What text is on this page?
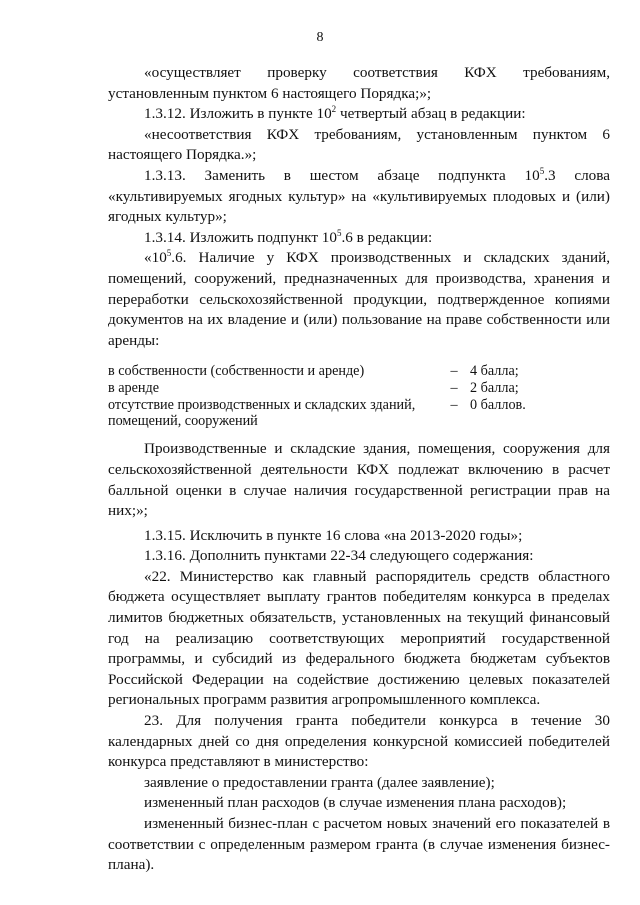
8

«осуществляет проверку соответствия КФХ требованиям, установленным пунктом 6 настоящего Порядка;»;

1.3.12. Изложить в пункте $10^2$ четвертый абзац в редакции:

«несоответствия КФХ требованиям, установленным пунктом 6 настоящего Порядка.»;

1.3.13. Заменить в шестом абзаце подпункта $10^5.3$ слова «культивируемых ягодных культур» на «культивируемых плодовых и (или) ягодных культур»;

1.3.14. Изложить подпункт $10^5.6$ в редакции:

«$10^5.6$. Наличие у КФХ производственных и складских зданий, помещений, сооружений, предназначенных для производства, хранения и переработки сельскохозяйственной продукции, подтвержденное копиями документов на их владение и (или) пользование на праве собственности или аренды:

в собственности (собственности и аренде)	– 4 балла;
в аренде	– 2 балла;
отсутствие производственных и складских зданий, помещений, сооружений
– 0 баллов.

Производственные и складские здания, помещения, сооружения для сельскохозяйственной деятельности КФХ подлежат включению в расчет балльной оценки в случае наличия государственной регистрации прав на них;»;

1.3.15. Исключить в пункте 16 слова «на 2013-2020 годы»;

1.3.16. Дополнить пунктами 22-34 следующего содержания:

«22. Министерство как главный распорядитель средств областного бюджета осуществляет выплату грантов победителям конкурса в пределах лимитов бюджетных обязательств, установленных на текущий финансовый год на реализацию соответствующих мероприятий государственной программы, и субсидий из федерального бюджета бюджетам субъектов Российской Федерации на содействие достижению целевых показателей региональных программ развития агропромышленного комплекса.

23. Для получения гранта победители конкурса в течение 30 календарных дней со дня определения конкурсной комиссией победителей конкурса представляют в министерство:

заявление о предоставлении гранта (далее заявление);

измененный план расходов (в случае изменения плана расходов);

измененный бизнес-план с расчетом новых значений его показателей в соответствии с определенным размером гранта (в случае изменения бизнес-плана).
